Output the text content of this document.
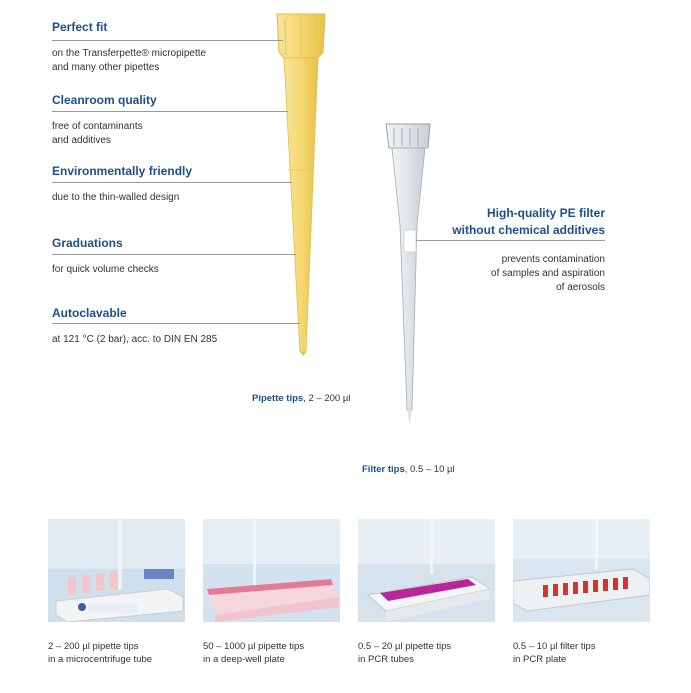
Perfect fit
on the Transferpette® micropipette
and many other pipettes
Cleanroom quality
free of contaminants
and additives
Environmentally friendly
due to the thin-walled design
Graduations
for quick volume checks
Autoclavable
at 121 °C (2 bar), acc. to DIN EN 285
High-quality PE filter
without chemical additives
prevents contamination
of samples and aspiration
of aerosols
Pipette tips, 2 – 200 µl
Filter tips, 0.5 – 10 µl
2 – 200 µl pipette tips
in a microcentrifuge tube
50 – 1000 µl pipette tips
in a deep-well plate
0.5 – 20 µl pipette tips
in PCR tubes
0.5 – 10 µl filter tips
in PCR plate
